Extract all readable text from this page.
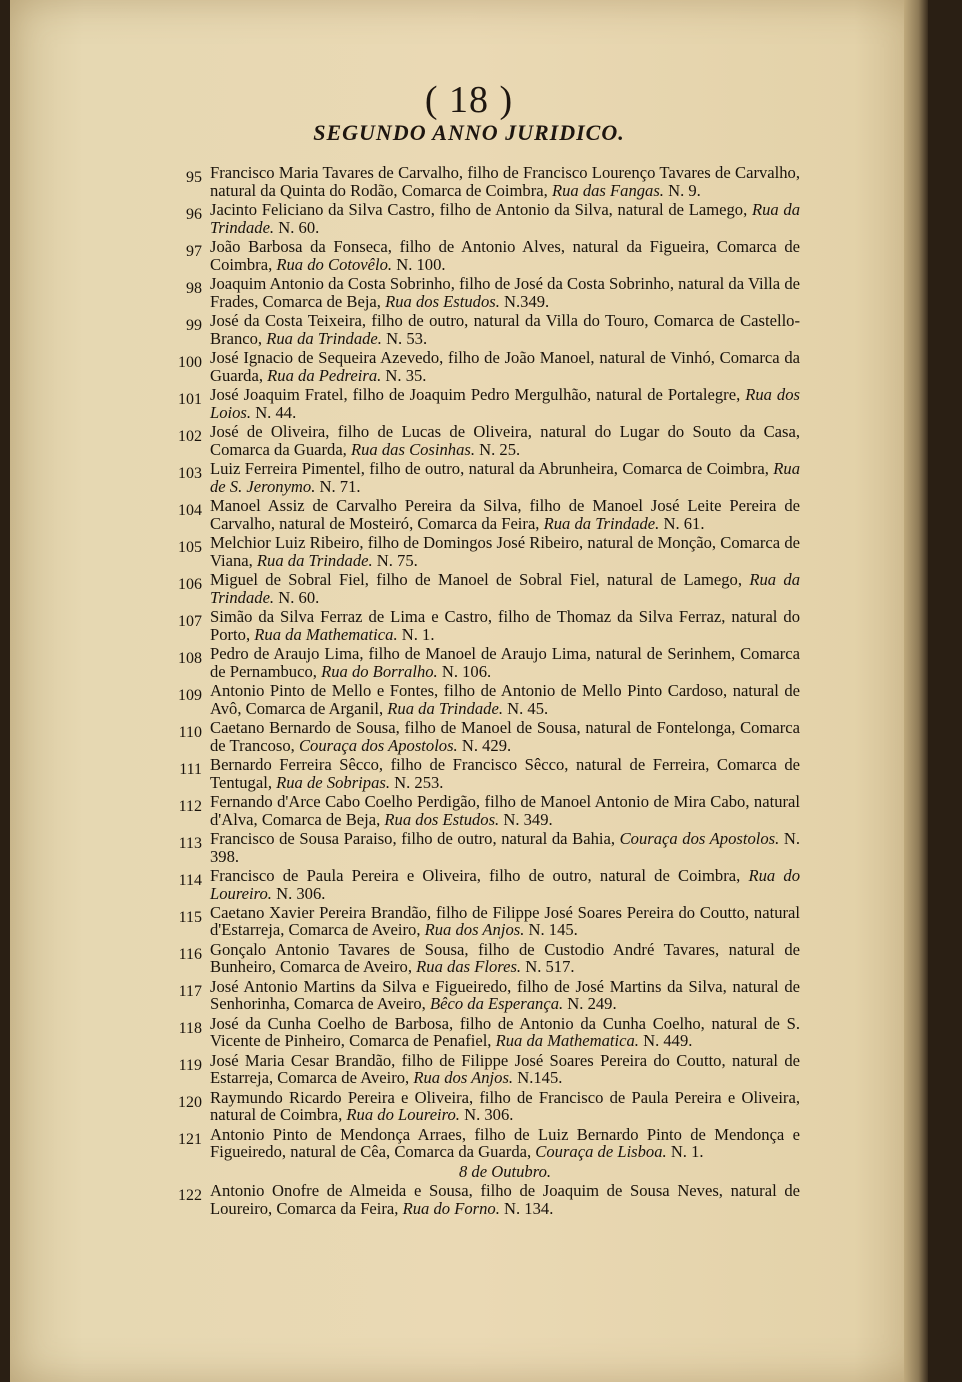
( 18 )
SEGUNDO ANNO JURIDICO.
95 Francisco Maria Tavares de Carvalho, filho de Francisco Lourenço Tavares de Carvalho, natural da Quinta do Rodão, Comarca de Coimbra, Rua das Fangas. N. 9.
96 Jacinto Feliciano da Silva Castro, filho de Antonio da Silva, natural de Lamego, Rua da Trindade. N. 60.
97 João Barbosa da Fonseca, filho de Antonio Alves, natural da Figueira, Comarca de Coimbra, Rua do Cotovêlo. N. 100.
98 Joaquim Antonio da Costa Sobrinho, filho de José da Costa Sobrinho, natural da Villa de Frades, Comarca de Beja, Rua dos Estudos. N.349.
99 José da Costa Teixeira, filho de outro, natural da Villa do Touro, Comarca de Castello-Branco, Rua da Trindade. N. 53.
100 José Ignacio de Sequeira Azevedo, filho de João Manoel, natural de Vinhó, Comarca da Guarda, Rua da Pedreira. N. 35.
101 José Joaquim Fratel, filho de Joaquim Pedro Mergulhão, natural de Portalegre, Rua dos Loios. N. 44.
102 José de Oliveira, filho de Lucas de Oliveira, natural do Lugar do Souto da Casa, Comarca da Guarda, Rua das Cosinhas. N. 25.
103 Luiz Ferreira Pimentel, filho de outro, natural da Abrunheira, Comarca de Coimbra, Rua de S. Jeronymo. N. 71.
104 Manoel Assiz de Carvalho Pereira da Silva, filho de Manoel José Leite Pereira de Carvalho, natural de Mosteiró, Comarca da Feira, Rua da Trindade. N. 61.
105 Melchior Luiz Ribeiro, filho de Domingos José Ribeiro, natural de Monção, Comarca de Viana, Rua da Trindade. N. 75.
106 Miguel de Sobral Fiel, filho de Manoel de Sobral Fiel, natural de Lamego, Rua da Trindade. N. 60.
107 Simão da Silva Ferraz de Lima e Castro, filho de Thomaz da Silva Ferraz, natural do Porto, Rua da Mathematica. N. 1.
108 Pedro de Araujo Lima, filho de Manoel de Araujo Lima, natural de Serinhem, Comarca de Pernambuco, Rua do Borralho. N. 106.
109 Antonio Pinto de Mello e Fontes, filho de Antonio de Mello Pinto Cardoso, natural de Avô, Comarca de Arganil, Rua da Trindade. N. 45.
110 Caetano Bernardo de Sousa, filho de Manoel de Sousa, natural de Fontelonga, Comarca de Trancoso, Couraça dos Apostolos. N. 429.
111 Bernardo Ferreira Sêcco, filho de Francisco Sêcco, natural de Ferreira, Comarca de Tentugal, Rua de Sobripas. N. 253.
112 Fernando d'Arce Cabo Coelho Perdigão, filho de Manoel Antonio de Mira Cabo, natural d'Alva, Comarca de Beja, Rua dos Estudos. N. 349.
113 Francisco de Sousa Paraiso, filho de outro, natural da Bahia, Couraça dos Apostolos. N. 398.
114 Francisco de Paula Pereira e Oliveira, filho de outro, natural de Coimbra, Rua do Loureiro. N. 306.
115 Caetano Xavier Pereira Brandão, filho de Filippe José Soares Pereira do Coutto, natural d'Estarreja, Comarca de Aveiro, Rua dos Anjos. N. 145.
116 Gonçalo Antonio Tavares de Sousa, filho de Custodio André Tavares, natural de Bunheiro, Comarca de Aveiro, Rua das Flores. N. 517.
117 José Antonio Martins da Silva e Figueiredo, filho de José Martins da Silva, natural de Senhorinha, Comarca de Aveiro, Bêco da Esperança. N. 249.
118 José da Cunha Coelho de Barbosa, filho de Antonio da Cunha Coelho, natural de S. Vicente de Pinheiro, Comarca de Penafiel, Rua da Mathematica. N. 449.
119 José Maria Cesar Brandão, filho de Filippe José Soares Pereira do Coutto, natural de Estarreja, Comarca de Aveiro, Rua dos Anjos. N.145.
120 Raymundo Ricardo Pereira e Oliveira, filho de Francisco de Paula Pereira e Oliveira, natural de Coimbra, Rua do Loureiro. N. 306.
121 Antonio Pinto de Mendonça Arraes, filho de Luiz Bernardo Pinto de Mendonça e Figueiredo, natural de Cêa, Comarca da Guarda, Couraça de Lisboa. N. 1.
8 de Outubro.
122 Antonio Onofre de Almeida e Sousa, filho de Joaquim de Sousa Neves, natural de Loureiro, Comarca da Feira, Rua do Forno. N. 134.
